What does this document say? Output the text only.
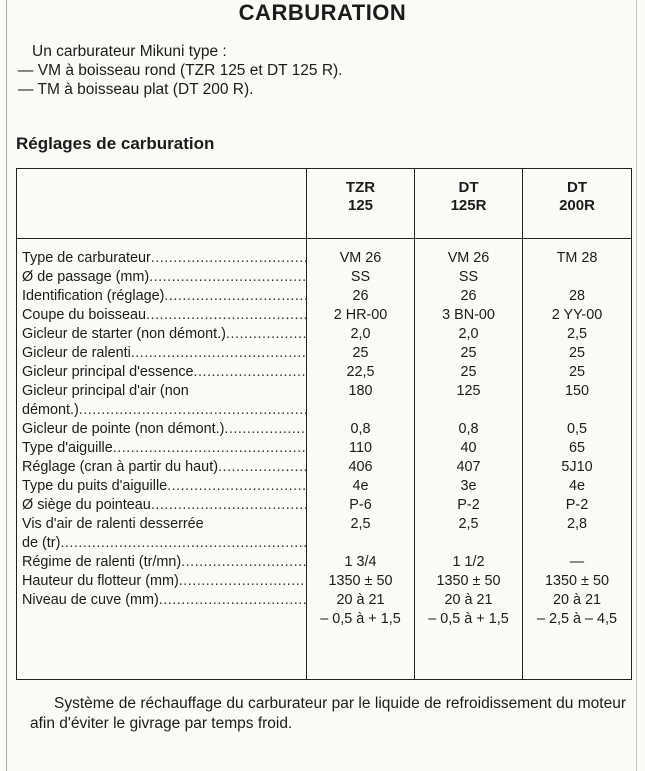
CARBURATION
Un carburateur Mikuni type :
— VM à boisseau rond (TZR 125 et DT 125 R).
— TM à boisseau plat (DT 200 R).
Réglages de carburation
TZR
125
DT
125R
DT
200R
Type de carburateur
.....
Ø de passage (mm)
.....
Identification (réglage)
.....
Coupe du boisseau
.....
Gicleur de starter (non démont.)
.....
Gicleur de ralenti
.....
Gicleur principal d'essence
.....
Gicleur principal d'air (non
démont.)
.....
Gicleur de pointe (non démont.)
.....
Type d'aiguille
.....
Réglage (cran à partir du haut)
.....
Type du puits d'aiguille
.....
Ø siège du pointeau
.....
Vis d'air de ralenti desserrée
de (tr)
.....
Régime de ralenti (tr/mn)
.....
Hauteur du flotteur (mm)
.....
Niveau de cuve (mm)
.....
VM 26
SS
26
2 HR-00
2,0
25
22,5
180
0,8
110
406
4e
P-6
2,5
1 3/4
1350 ± 50
20 à 21
– 0,5 à + 1,5
VM 26
SS
26
3 BN-00
2,0
25
25
125
0,8
40
407
3e
P-2
2,5
1 1/2
1350 ± 50
20 à 21
– 0,5 à + 1,5
TM 28
28
2 YY-00
2,5
25
25
150
0,5
65
5J10
4e
P-2
2,8
—
1350 ± 50
20 à 21
– 2,5 à – 4,5
Système de réchauffage du carburateur par le liquide de refroidissement du moteur afin d'éviter le givrage par temps froid.
